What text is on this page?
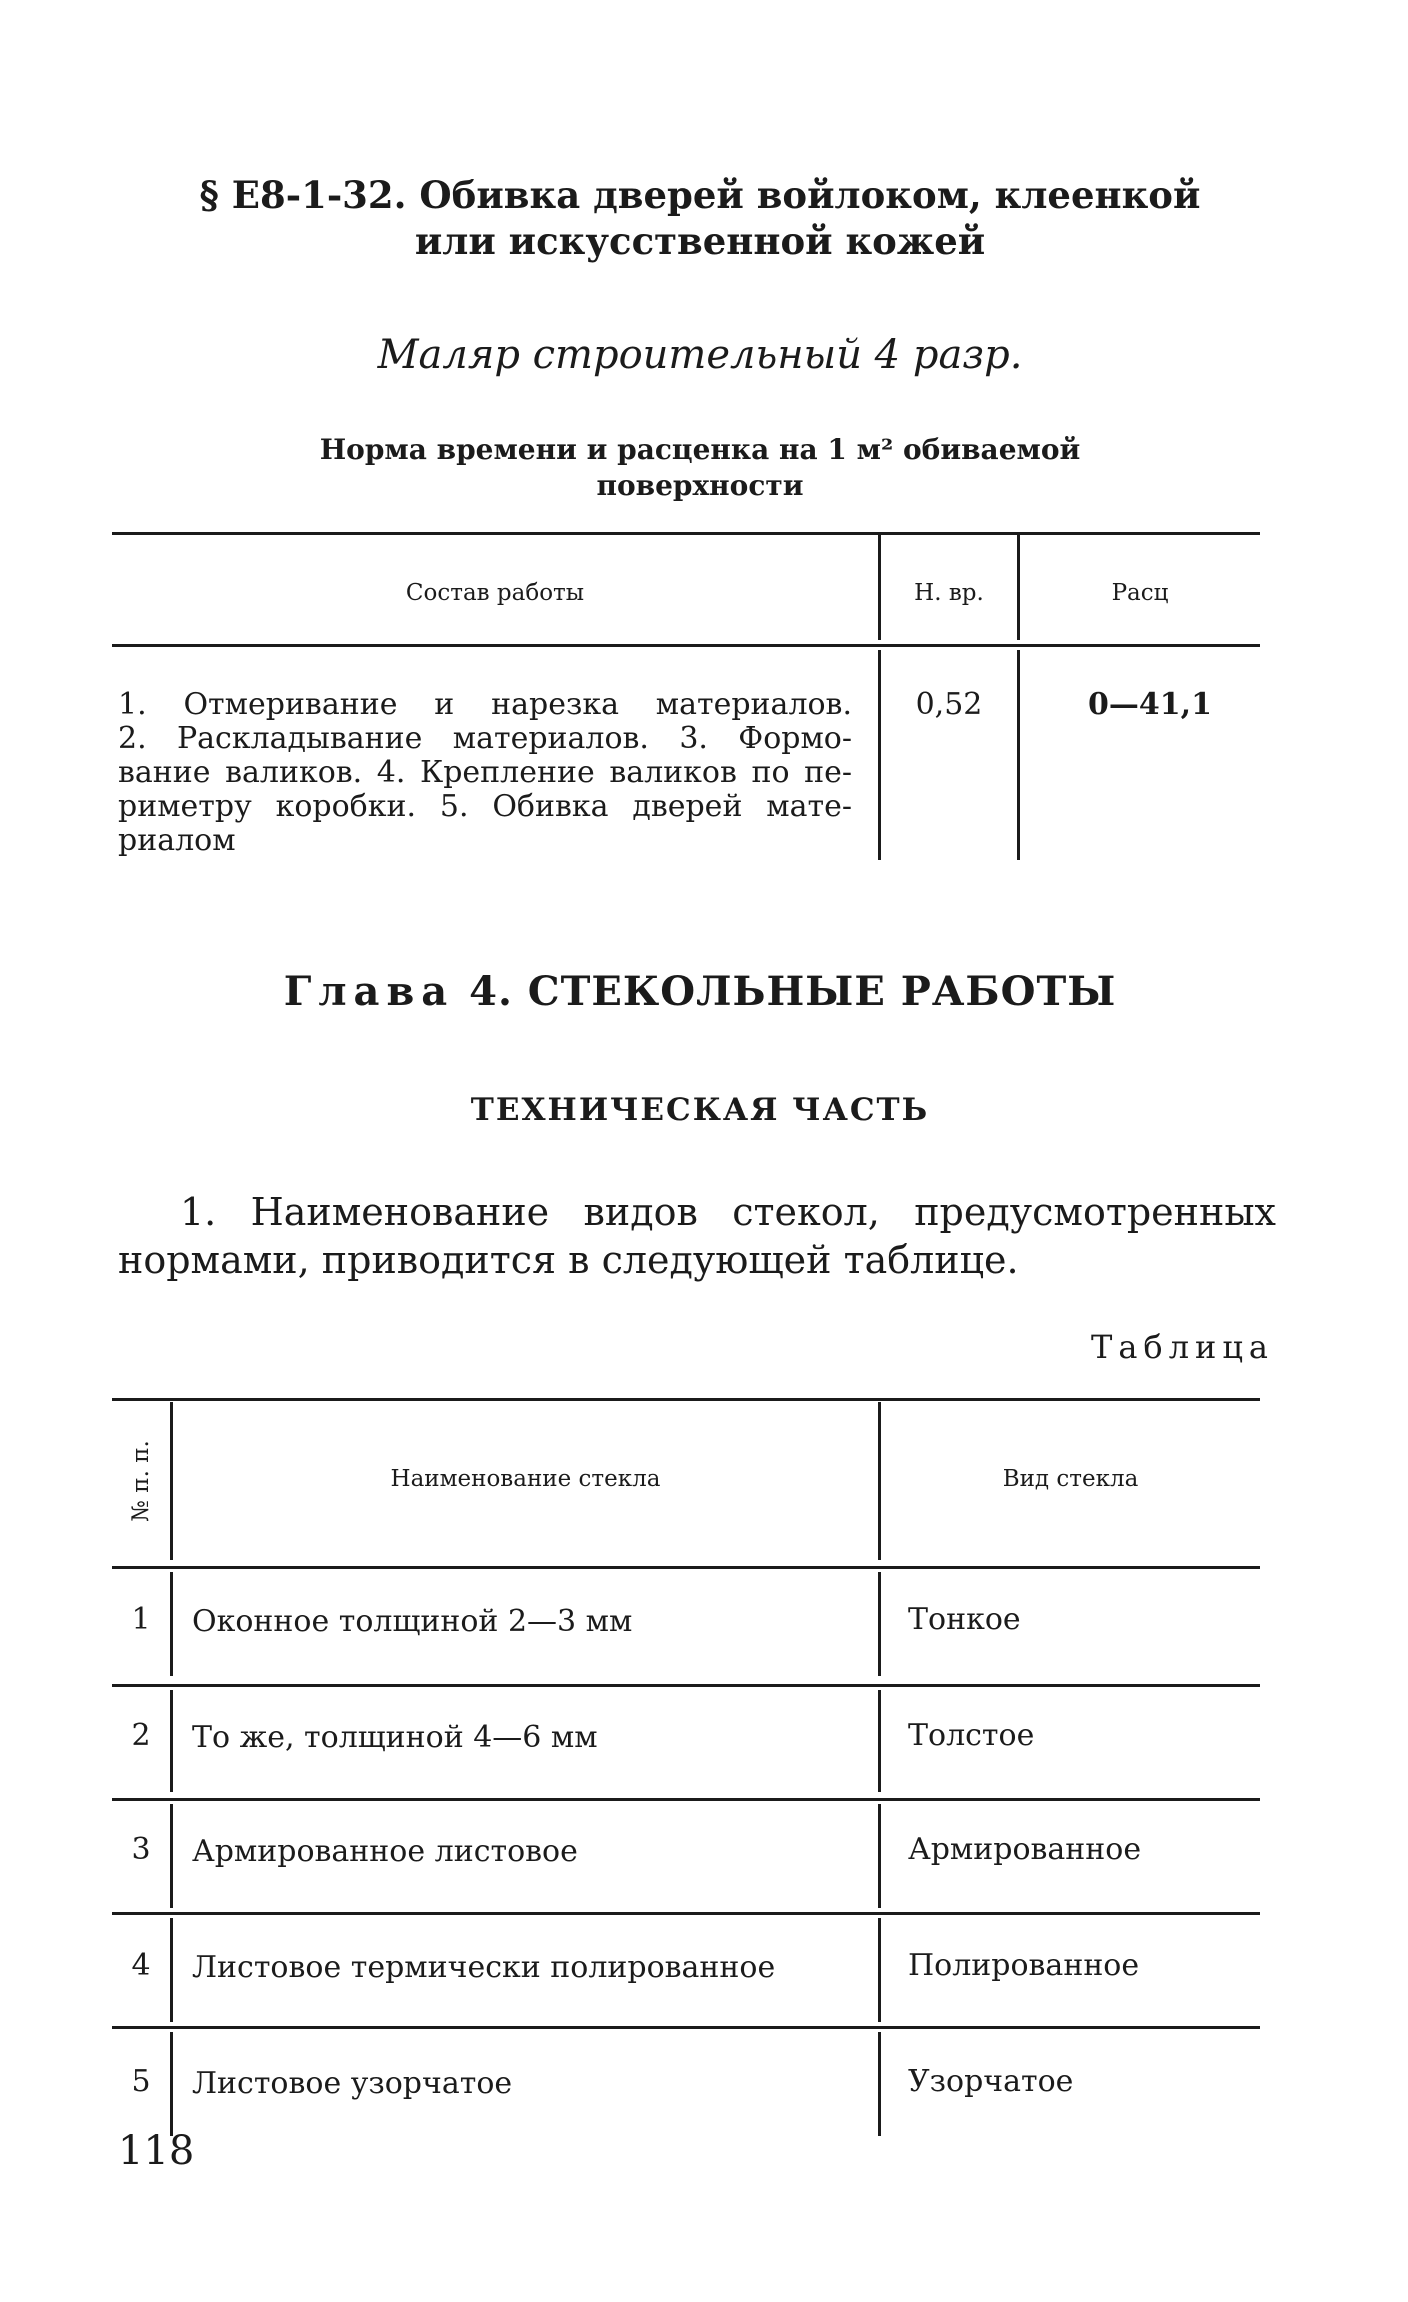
§ Е8-1-32. Обивка дверей войлоком, клеенкой
или искусственной кожей
Маляр строительный 4 разр.
Норма времени и расценка на 1 м² обиваемой
поверхности
Состав работы	Н. вр.	Расц
1. Отмеривание и нарезка материалов.
2. Раскладывание материалов. 3. Формо-
вание валиков. 4. Крепление валиков по пе-
риметру коробки. 5. Обивка дверей мате-
риалом
0,52	0—41,1
Глава 4. СТЕКОЛЬНЫЕ РАБОТЫ
ТЕХНИЧЕСКАЯ ЧАСТЬ
1. Наименование видов стекол, предусмотренных нормами, приводится в следующей таблице.
Таблица
№ п. п.	Наименование стекла	Вид стекла
1	Оконное толщиной 2—3 мм	Тонкое
2	То же, толщиной 4—6 мм	Толстое
3	Армированное листовое	Армированное
4	Листовое термически полированное	Полированное
5	Листовое узорчатое	Узорчатое
118
